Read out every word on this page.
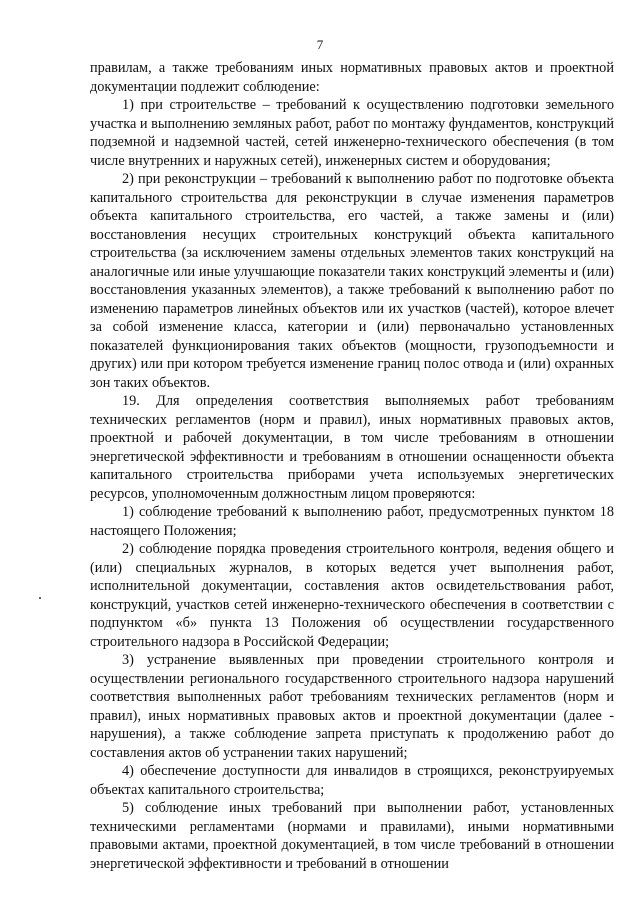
7

правилам, а также требованиям иных нормативных правовых актов и проектной документации подлежит соблюдение:

1) при строительстве – требований к осуществлению подготовки земельного участка и выполнению земляных работ, работ по монтажу фундаментов, конструкций подземной и надземной частей, сетей инженерно-технического обеспечения (в том числе внутренних и наружных сетей), инженерных систем и оборудования;

2) при реконструкции – требований к выполнению работ по подготовке объекта капитального строительства для реконструкции в случае изменения параметров объекта капитального строительства, его частей, а также замены и (или) восстановления несущих строительных конструкций объекта капитального строительства (за исключением замены отдельных элементов таких конструкций на аналогичные или иные улучшающие показатели таких конструкций элементы и (или) восстановления указанных элементов), а также требований к выполнению работ по изменению параметров линейных объектов или их участков (частей), которое влечет за собой изменение класса, категории и (или) первоначально установленных показателей функционирования таких объектов (мощности, грузоподъемности и других) или при котором требуется изменение границ полос отвода и (или) охранных зон таких объектов.

19. Для определения соответствия выполняемых работ требованиям технических регламентов (норм и правил), иных нормативных правовых актов, проектной и рабочей документации, в том числе требованиям в отношении энергетической эффективности и требованиям в отношении оснащенности объекта капитального строительства приборами учета используемых энергетических ресурсов, уполномоченным должностным лицом проверяются:

1) соблюдение требований к выполнению работ, предусмотренных пунктом 18 настоящего Положения;

2) соблюдение порядка проведения строительного контроля, ведения общего и (или) специальных журналов, в которых ведется учет выполнения работ, исполнительной документации, составления актов освидетельствования работ, конструкций, участков сетей инженерно-технического обеспечения в соответствии с подпунктом «б» пункта 13 Положения об осуществлении государственного строительного надзора в Российской Федерации;

3) устранение выявленных при проведении строительного контроля и осуществлении регионального государственного строительного надзора нарушений соответствия выполненных работ требованиям технических регламентов (норм и правил), иных нормативных правовых актов и проектной документации (далее - нарушения), а также соблюдение запрета приступать к продолжению работ до составления актов об устранении таких нарушений;

4) обеспечение доступности для инвалидов в строящихся, реконструируемых объектах капитального строительства;

5) соблюдение иных требований при выполнении работ, установленных техническими регламентами (нормами и правилами), иными нормативными правовыми актами, проектной документацией, в том числе требований в отношении энергетической эффективности и требований в отношении
